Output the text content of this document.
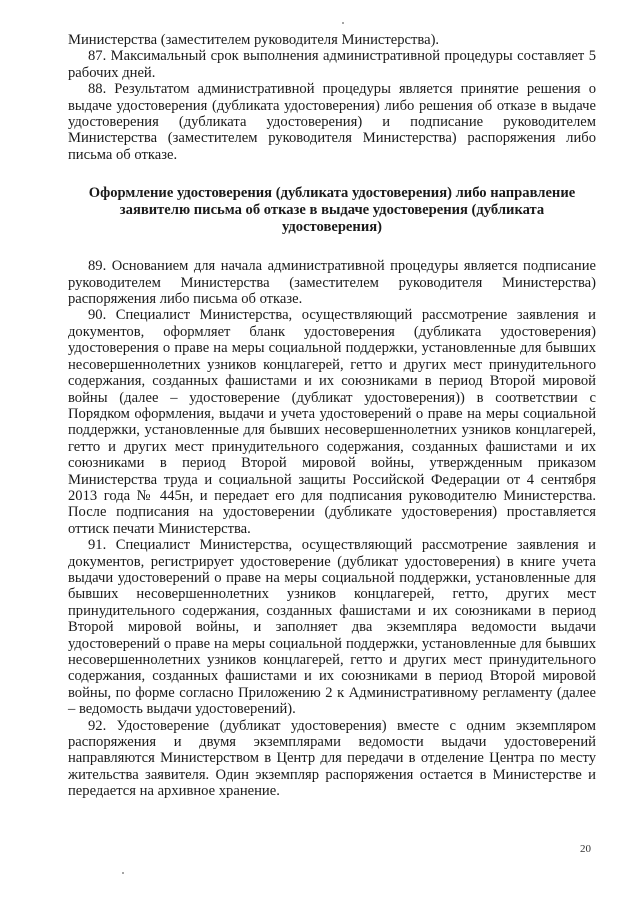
Министерства (заместителем руководителя Министерства).

87. Максимальный срок выполнения административной процедуры составляет 5 рабочих дней.

88. Результатом административной процедуры является принятие решения о выдаче удостоверения (дубликата удостоверения) либо решения об отказе в выдаче удостоверения (дубликата удостоверения) и подписание руководителем Министерства (заместителем руководителя Министерства) распоряжения либо письма об отказе.

Оформление удостоверения (дубликата удостоверения) либо направление заявителю письма об отказе в выдаче удостоверения (дубликата удостоверения)

89. Основанием для начала административной процедуры является подписание руководителем Министерства (заместителем руководителя Министерства) распоряжения либо письма об отказе.

90. Специалист Министерства, осуществляющий рассмотрение заявления и документов, оформляет бланк удостоверения (дубликата удостоверения) удостоверения о праве на меры социальной поддержки, установленные для бывших несовершеннолетних узников концлагерей, гетто и других мест принудительного содержания, созданных фашистами и их союзниками в период Второй мировой войны (далее – удостоверение (дубликат удостоверения)) в соответствии с Порядком оформления, выдачи и учета удостоверений о праве на меры социальной поддержки, установленные для бывших несовершеннолетних узников концлагерей, гетто и других мест принудительного содержания, созданных фашистами и их союзниками в период Второй мировой войны, утвержденным приказом Министерства труда и социальной защиты Российской Федерации от 4 сентября 2013 года № 445н, и передает его для подписания руководителю Министерства. После подписания на удостоверении (дубликате удостоверения) проставляется оттиск печати Министерства.

91. Специалист Министерства, осуществляющий рассмотрение заявления и документов, регистрирует удостоверение (дубликат удостоверения) в книге учета выдачи удостоверений о праве на меры социальной поддержки, установленные для бывших несовершеннолетних узников концлагерей, гетто, других мест принудительного содержания, созданных фашистами и их союзниками в период Второй мировой войны, и заполняет два экземпляра ведомости выдачи удостоверений о праве на меры социальной поддержки, установленные для бывших несовершеннолетних узников концлагерей, гетто и других мест принудительного содержания, созданных фашистами и их союзниками в период Второй мировой войны, по форме согласно Приложению 2 к Административному регламенту (далее – ведомость выдачи удостоверений).

92. Удостоверение (дубликат удостоверения) вместе с одним экземпляром распоряжения и двумя экземплярами ведомости выдачи удостоверений направляются Министерством в Центр для передачи в отделение Центра по месту жительства заявителя. Один экземпляр распоряжения остается в Министерстве и передается на архивное хранение.

20
